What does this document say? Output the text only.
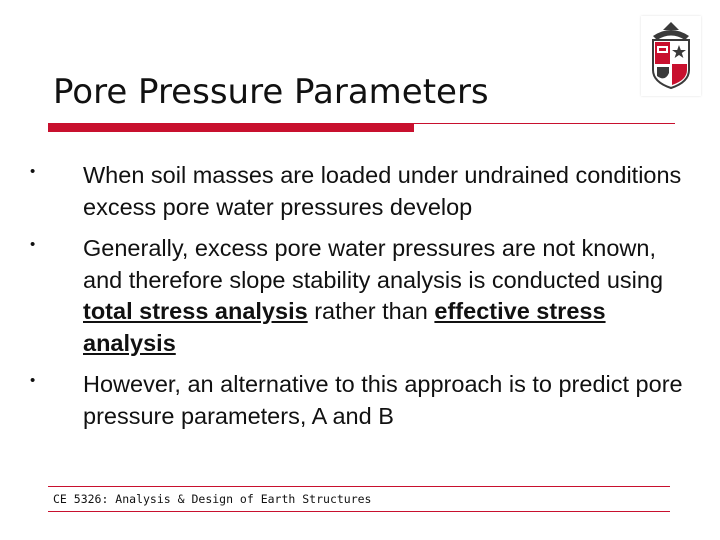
Pore Pressure Parameters
• When soil masses are loaded under undrained conditions excess pore water pressures develop
• Generally, excess pore water pressures are not known, and therefore slope stability analysis is conducted using total stress analysis rather than effective stress analysis
• However, an alternative to this approach is to predict pore pressure parameters, A and B
CE 5326: Analysis & Design of Earth Structures
